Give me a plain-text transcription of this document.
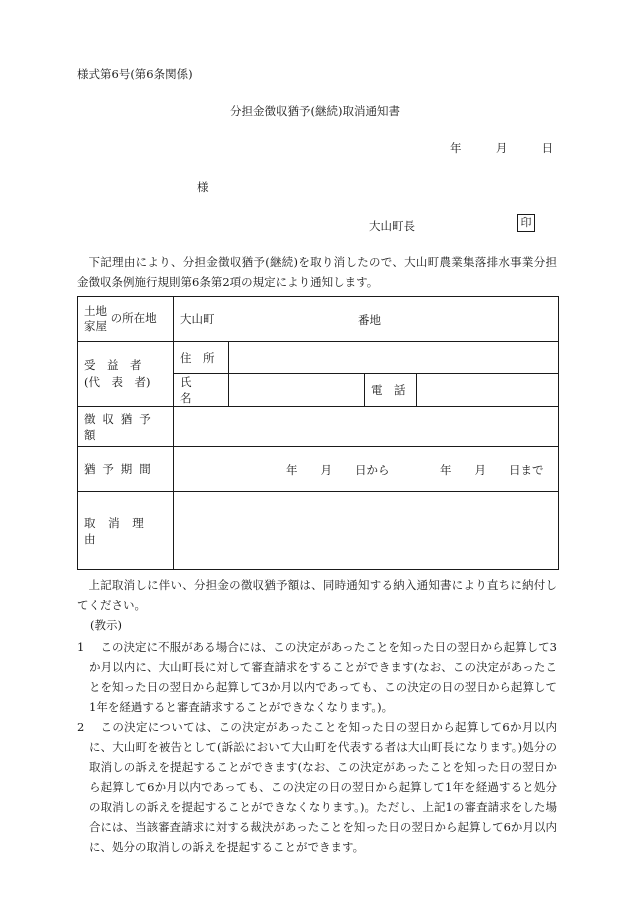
様式第6号(第6条関係)
分担金徴収猶予(継続)取消通知書
年	月	日
様
大山町長	印
下記理由により、分担金徴収猶予(継続)を取り消したので、大山町農業集落排水事業分担金徴収条例施行規則第6条第2項の規定により通知します。
土地
家屋 の所在地	大山町 番地			

受　益　者
(代　表　者)	住　所			
	氏　　名		電　話	
徴収猶予額				
猶予期間	年　　月　　日から 年　　月　　日まで			

取消理由				
上記取消しに伴い、分担金の徴収猶予額は、同時通知する納入通知書により直ちに納付してください。
(教示)
1	この決定に不服がある場合には、この決定があったことを知った日の翌日から起算して3か月以内に、大山町長に対して審査請求をすることができます(なお、この決定があったことを知った日の翌日から起算して3か月以内であっても、この決定の日の翌日から起算して1年を経過すると審査請求することができなくなります。)。
2	この決定については、この決定があったことを知った日の翌日から起算して6か月以内に、大山町を被告として(訴訟において大山町を代表する者は大山町長になります。)処分の取消しの訴えを提起することができます(なお、この決定があったことを知った日の翌日から起算して6か月以内であっても、この決定の日の翌日から起算して1年を経過すると処分の取消しの訴えを提起することができなくなります。)。ただし、上記1の審査請求をした場合には、当該審査請求に対する裁決があったことを知った日の翌日から起算して6か月以内に、処分の取消しの訴えを提起することができます。
